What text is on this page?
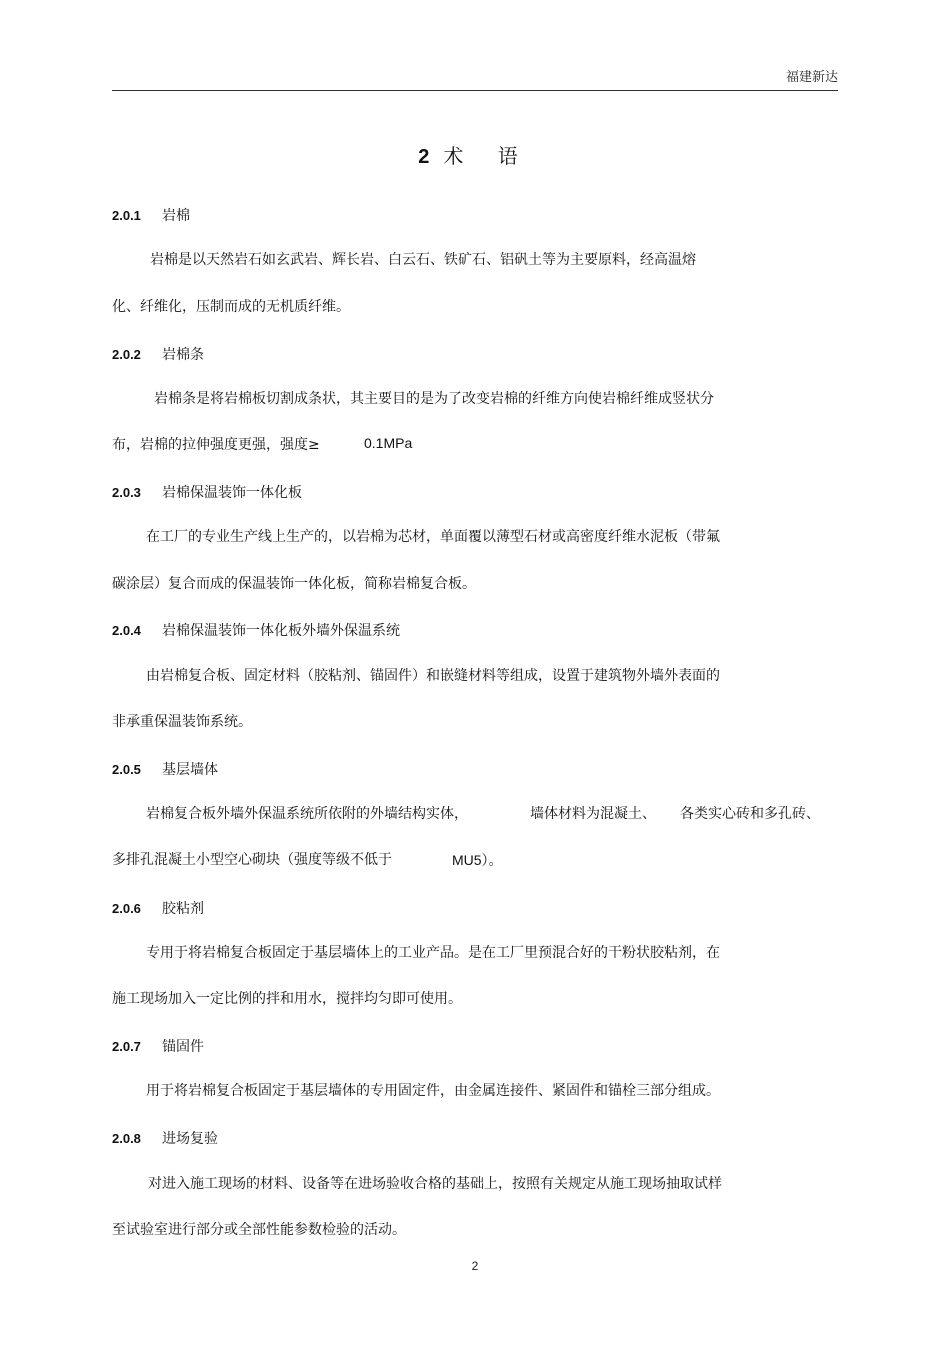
福建新达
2 术 语
2.0.1 岩棉
岩棉是以天然岩石如玄武岩、辉长岩、白云石、铁矿石、铝矾土等为主要原料，经高温熔
化、纤维化，压制而成的无机质纤维。
2.0.2 岩棉条
岩棉条是将岩棉板切割成条状，其主要目的是为了改变岩棉的纤维方向使岩棉纤维成竖状分
布，岩棉的拉伸强度更强，强度≥	0.1MPa
2.0.3 岩棉保温装饰一体化板
在工厂的专业生产线上生产的，以岩棉为芯材，单面覆以薄型石材或高密度纤维水泥板（带氟
碳涂层）复合而成的保温装饰一体化板，简称岩棉复合板。
2.0.4 岩棉保温装饰一体化板外墙外保温系统
由岩棉复合板、固定材料（胶粘剂、锚固件）和嵌缝材料等组成，设置于建筑物外墙外表面的
非承重保温装饰系统。
2.0.5 基层墙体
岩棉复合板外墙外保温系统所依附的外墙结构实体，	墙体材料为混凝土、 各类实心砖和多孔砖、
多排孔混凝土小型空心砌块（强度等级不低于	MU5）。
2.0.6 胶粘剂
专用于将岩棉复合板固定于基层墙体上的工业产品。是在工厂里预混合好的干粉状胶粘剂，在
施工现场加入一定比例的拌和用水，搅拌均匀即可使用。
2.0.7 锚固件
用于将岩棉复合板固定于基层墙体的专用固定件，由金属连接件、紧固件和锚栓三部分组成。
2.0.8 进场复验
对进入施工现场的材料、设备等在进场验收合格的基础上，按照有关规定从施工现场抽取试样
至试验室进行部分或全部性能参数检验的活动。
2
